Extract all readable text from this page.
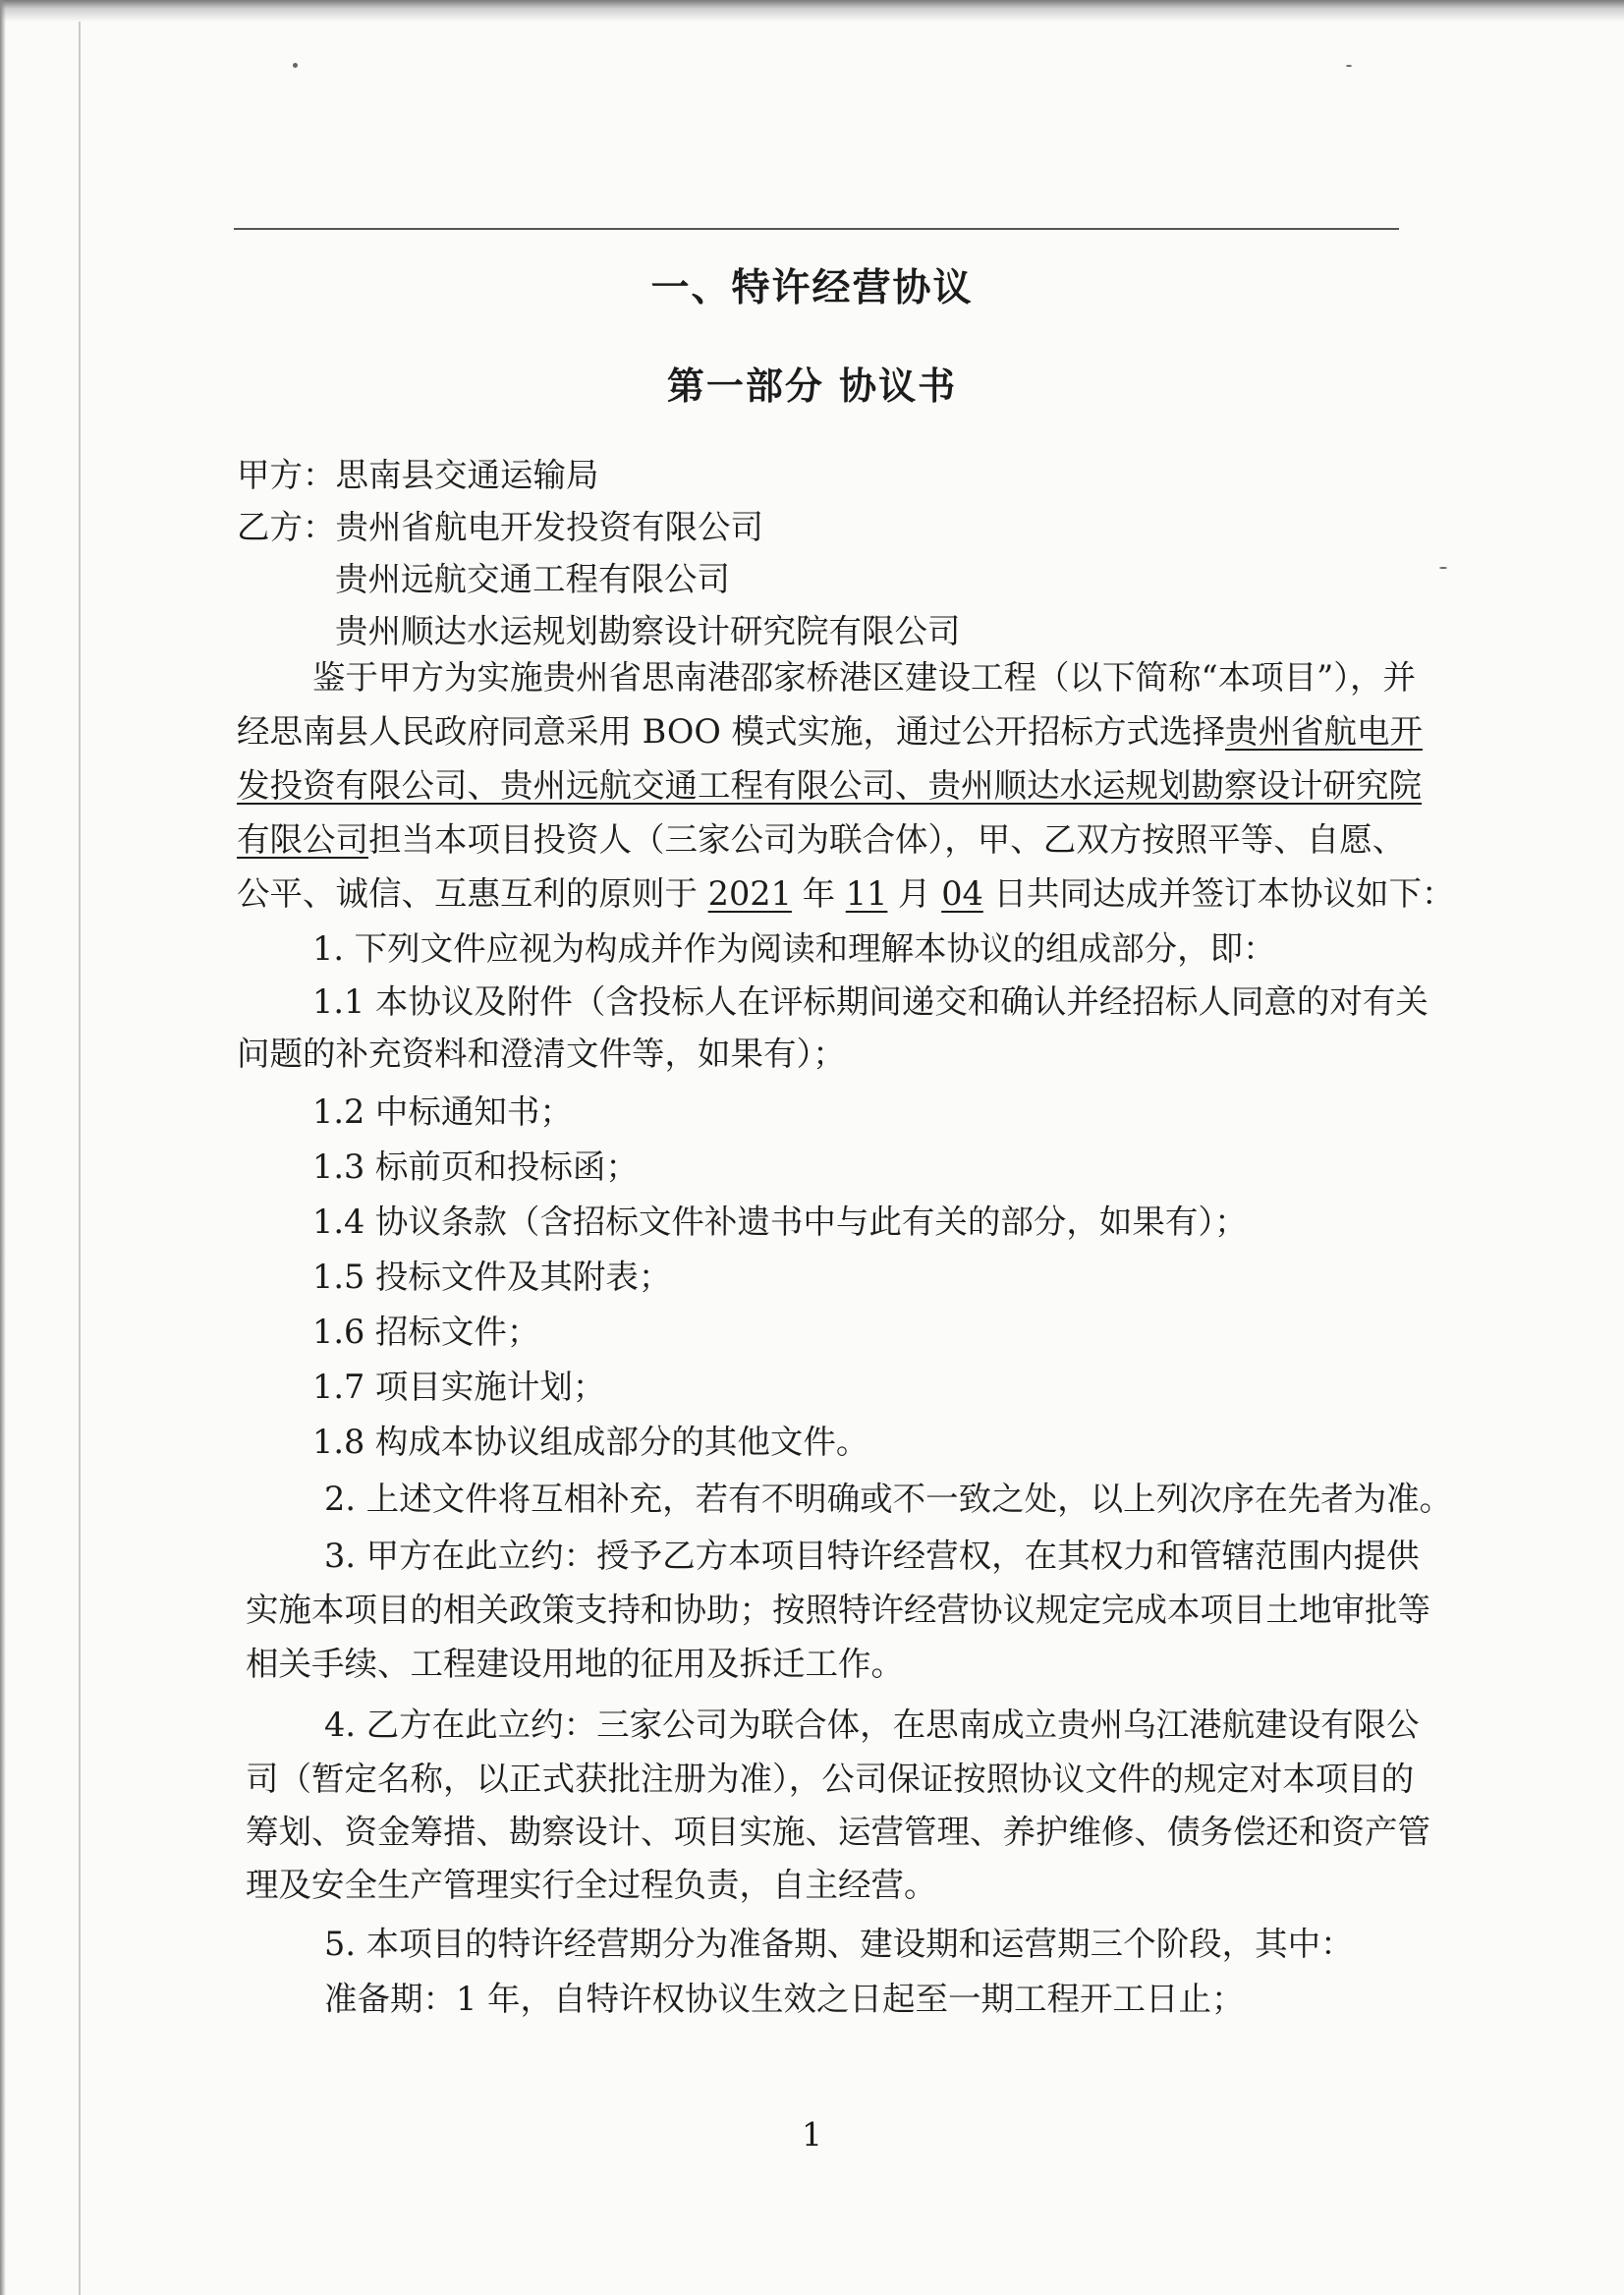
一、特许经营协议
第一部分 协议书
甲方：思南县交通运输局
乙方：贵州省航电开发投资有限公司
贵州远航交通工程有限公司
贵州顺达水运规划勘察设计研究院有限公司
鉴于甲方为实施贵州省思南港邵家桥港区建设工程（以下简称“本项目”），并
经思南县人民政府同意采用 BOO 模式实施，通过公开招标方式选择贵州省航电开
发投资有限公司、贵州远航交通工程有限公司、贵州顺达水运规划勘察设计研究院
有限公司担当本项目投资人（三家公司为联合体），甲、乙双方按照平等、自愿、
公平、诚信、互惠互利的原则于 2021 年 11 月 04 日共同达成并签订本协议如下：
1. 下列文件应视为构成并作为阅读和理解本协议的组成部分，即：
1.1 本协议及附件（含投标人在评标期间递交和确认并经招标人同意的对有关
问题的补充资料和澄清文件等，如果有）；
1.2 中标通知书；
1.3 标前页和投标函；
1.4 协议条款（含招标文件补遗书中与此有关的部分，如果有）；
1.5 投标文件及其附表；
1.6 招标文件；
1.7 项目实施计划；
1.8 构成本协议组成部分的其他文件。
2. 上述文件将互相补充，若有不明确或不一致之处，以上列次序在先者为准。
3. 甲方在此立约：授予乙方本项目特许经营权，在其权力和管辖范围内提供
实施本项目的相关政策支持和协助；按照特许经营协议规定完成本项目土地审批等
相关手续、工程建设用地的征用及拆迁工作。
4. 乙方在此立约：三家公司为联合体，在思南成立贵州乌江港航建设有限公
司（暂定名称，以正式获批注册为准），公司保证按照协议文件的规定对本项目的
筹划、资金筹措、勘察设计、项目实施、运营管理、养护维修、债务偿还和资产管
理及安全生产管理实行全过程负责，自主经营。
5. 本项目的特许经营期分为准备期、建设期和运营期三个阶段，其中：
准备期：1 年，自特许权协议生效之日起至一期工程开工日止；
1
